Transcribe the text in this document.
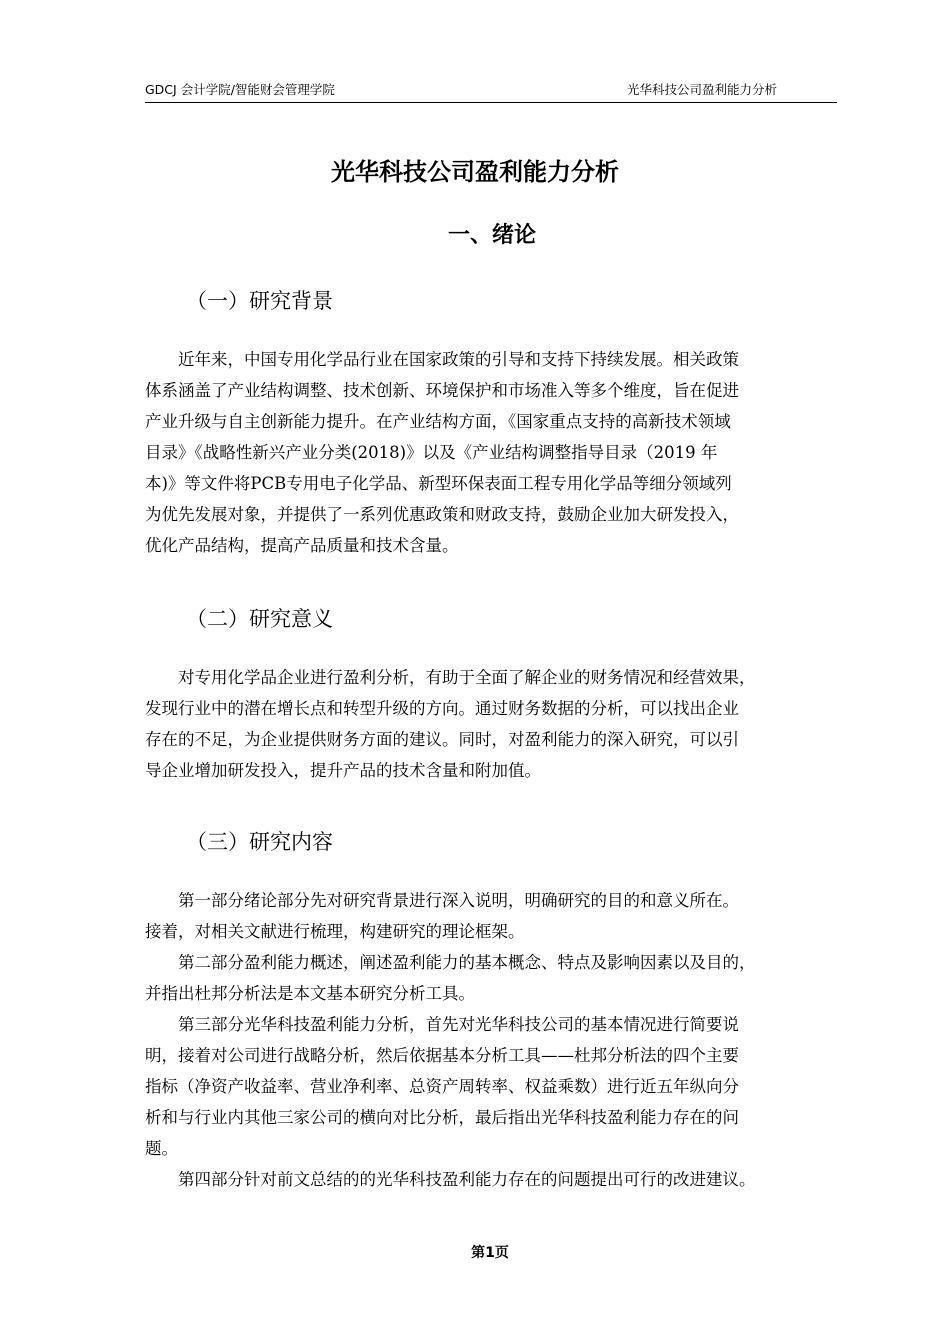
GDCJ 会计学院/智能财会管理学院	光华科技公司盈利能力分析
光华科技公司盈利能力分析
一、绪论
（一）研究背景
　　近年来，中国专用化学品行业在国家政策的引导和支持下持续发展。相关政策
体系涵盖了产业结构调整、技术创新、环境保护和市场准入等多个维度，旨在促进
产业升级与自主创新能力提升。在产业结构方面，《国家重点支持的高新技术领域
目录》《战略性新兴产业分类(2018)》以及《产业结构调整指导目录（2019 年
本)》等文件将PCB专用电子化学品、新型环保表面工程专用化学品等细分领域列
为优先发展对象，并提供了一系列优惠政策和财政支持，鼓励企业加大研发投入，
优化产品结构，提高产品质量和技术含量。
（二）研究意义
　　对专用化学品企业进行盈利分析，有助于全面了解企业的财务情况和经营效果，
发现行业中的潜在增长点和转型升级的方向。通过财务数据的分析，可以找出企业
存在的不足，为企业提供财务方面的建议。同时，对盈利能力的深入研究，可以引
导企业增加研发投入，提升产品的技术含量和附加值。
（三）研究内容
　　第一部分绪论部分先对研究背景进行深入说明，明确研究的目的和意义所在。
接着，对相关文献进行梳理，构建研究的理论框架。
　　第二部分盈利能力概述，阐述盈利能力的基本概念、特点及影响因素以及目的，
并指出杜邦分析法是本文基本研究分析工具。
　　第三部分光华科技盈利能力分析，首先对光华科技公司的基本情况进行简要说
明，接着对公司进行战略分析，然后依据基本分析工具——杜邦分析法的四个主要
指标（净资产收益率、营业净利率、总资产周转率、权益乘数）进行近五年纵向分
析和与行业内其他三家公司的横向对比分析，最后指出光华科技盈利能力存在的问
题。
　　第四部分针对前文总结的的光华科技盈利能力存在的问题提出可行的改进建议。
第1页
